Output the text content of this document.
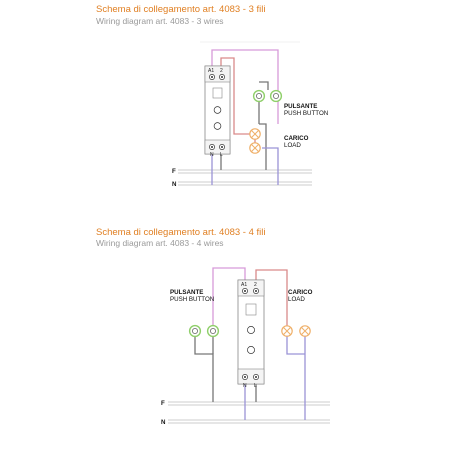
Schema di collegamento art. 4083 - 3 fili
Wiring diagram art. 4083 - 3 wires
Schema di collegamento art. 4083 - 4 fili
Wiring diagram art. 4083 - 4 wires
A1 2
N L
PULSANTE
PUSH BUTTON
CARICO
LOAD
F
N
A1 2
N L
PULSANTE
PUSH BUTTON
CARICO
LOAD
F
N
